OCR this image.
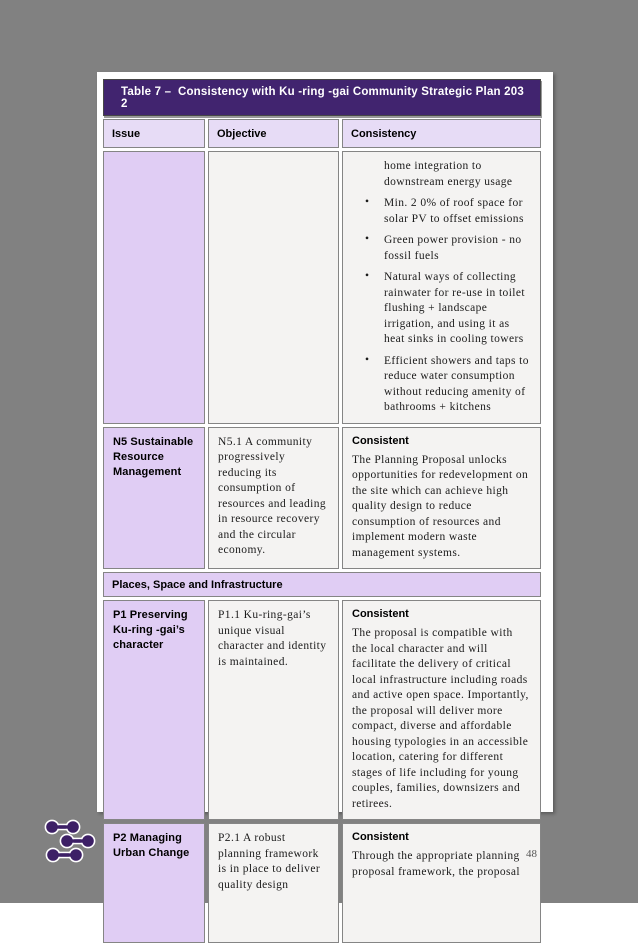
Table 7 –  Consistency with Ku -ring -gai Community Strategic Plan 203  2		
Issue	Objective	Consistency

		home integration to downstream energy usage

• Min. 2 0% of roof space for solar PV to offset emissions

• Green power provision - no fossil fuels

• Natural ways of collecting rainwater for re-use in toilet flushing + landscape irrigation, and using it as heat sinks in cooling towers

• Efficient showers and taps to reduce water consumption without reducing amenity of bathrooms + kitchens

N5 Sustainable Resource Management	N5.1 A community progressively reducing its consumption of resources and leading in resource recovery and the circular economy.	Consistent

The Planning Proposal unlocks opportunities for redevelopment on the site which can achieve high quality design to reduce consumption of resources and implement modern waste management systems.

Places, Space and Infrastructure		
P1 Preserving Ku-ring -gai’s character	P1.1 Ku-ring-gai’s unique visual character and identity is maintained.	Consistent

The proposal is compatible with the local character and will facilitate the delivery of critical local infrastructure including roads and active open space. Importantly, the proposal will deliver more compact, diverse and affordable housing typologies in an accessible location, catering for different stages of life including for young couples, families, downsizers and retirees.

P2 Managing Urban Change	P2.1 A robust planning framework is in place to deliver quality design	Consistent

Through the appropriate planning proposal framework, the proposal

48
